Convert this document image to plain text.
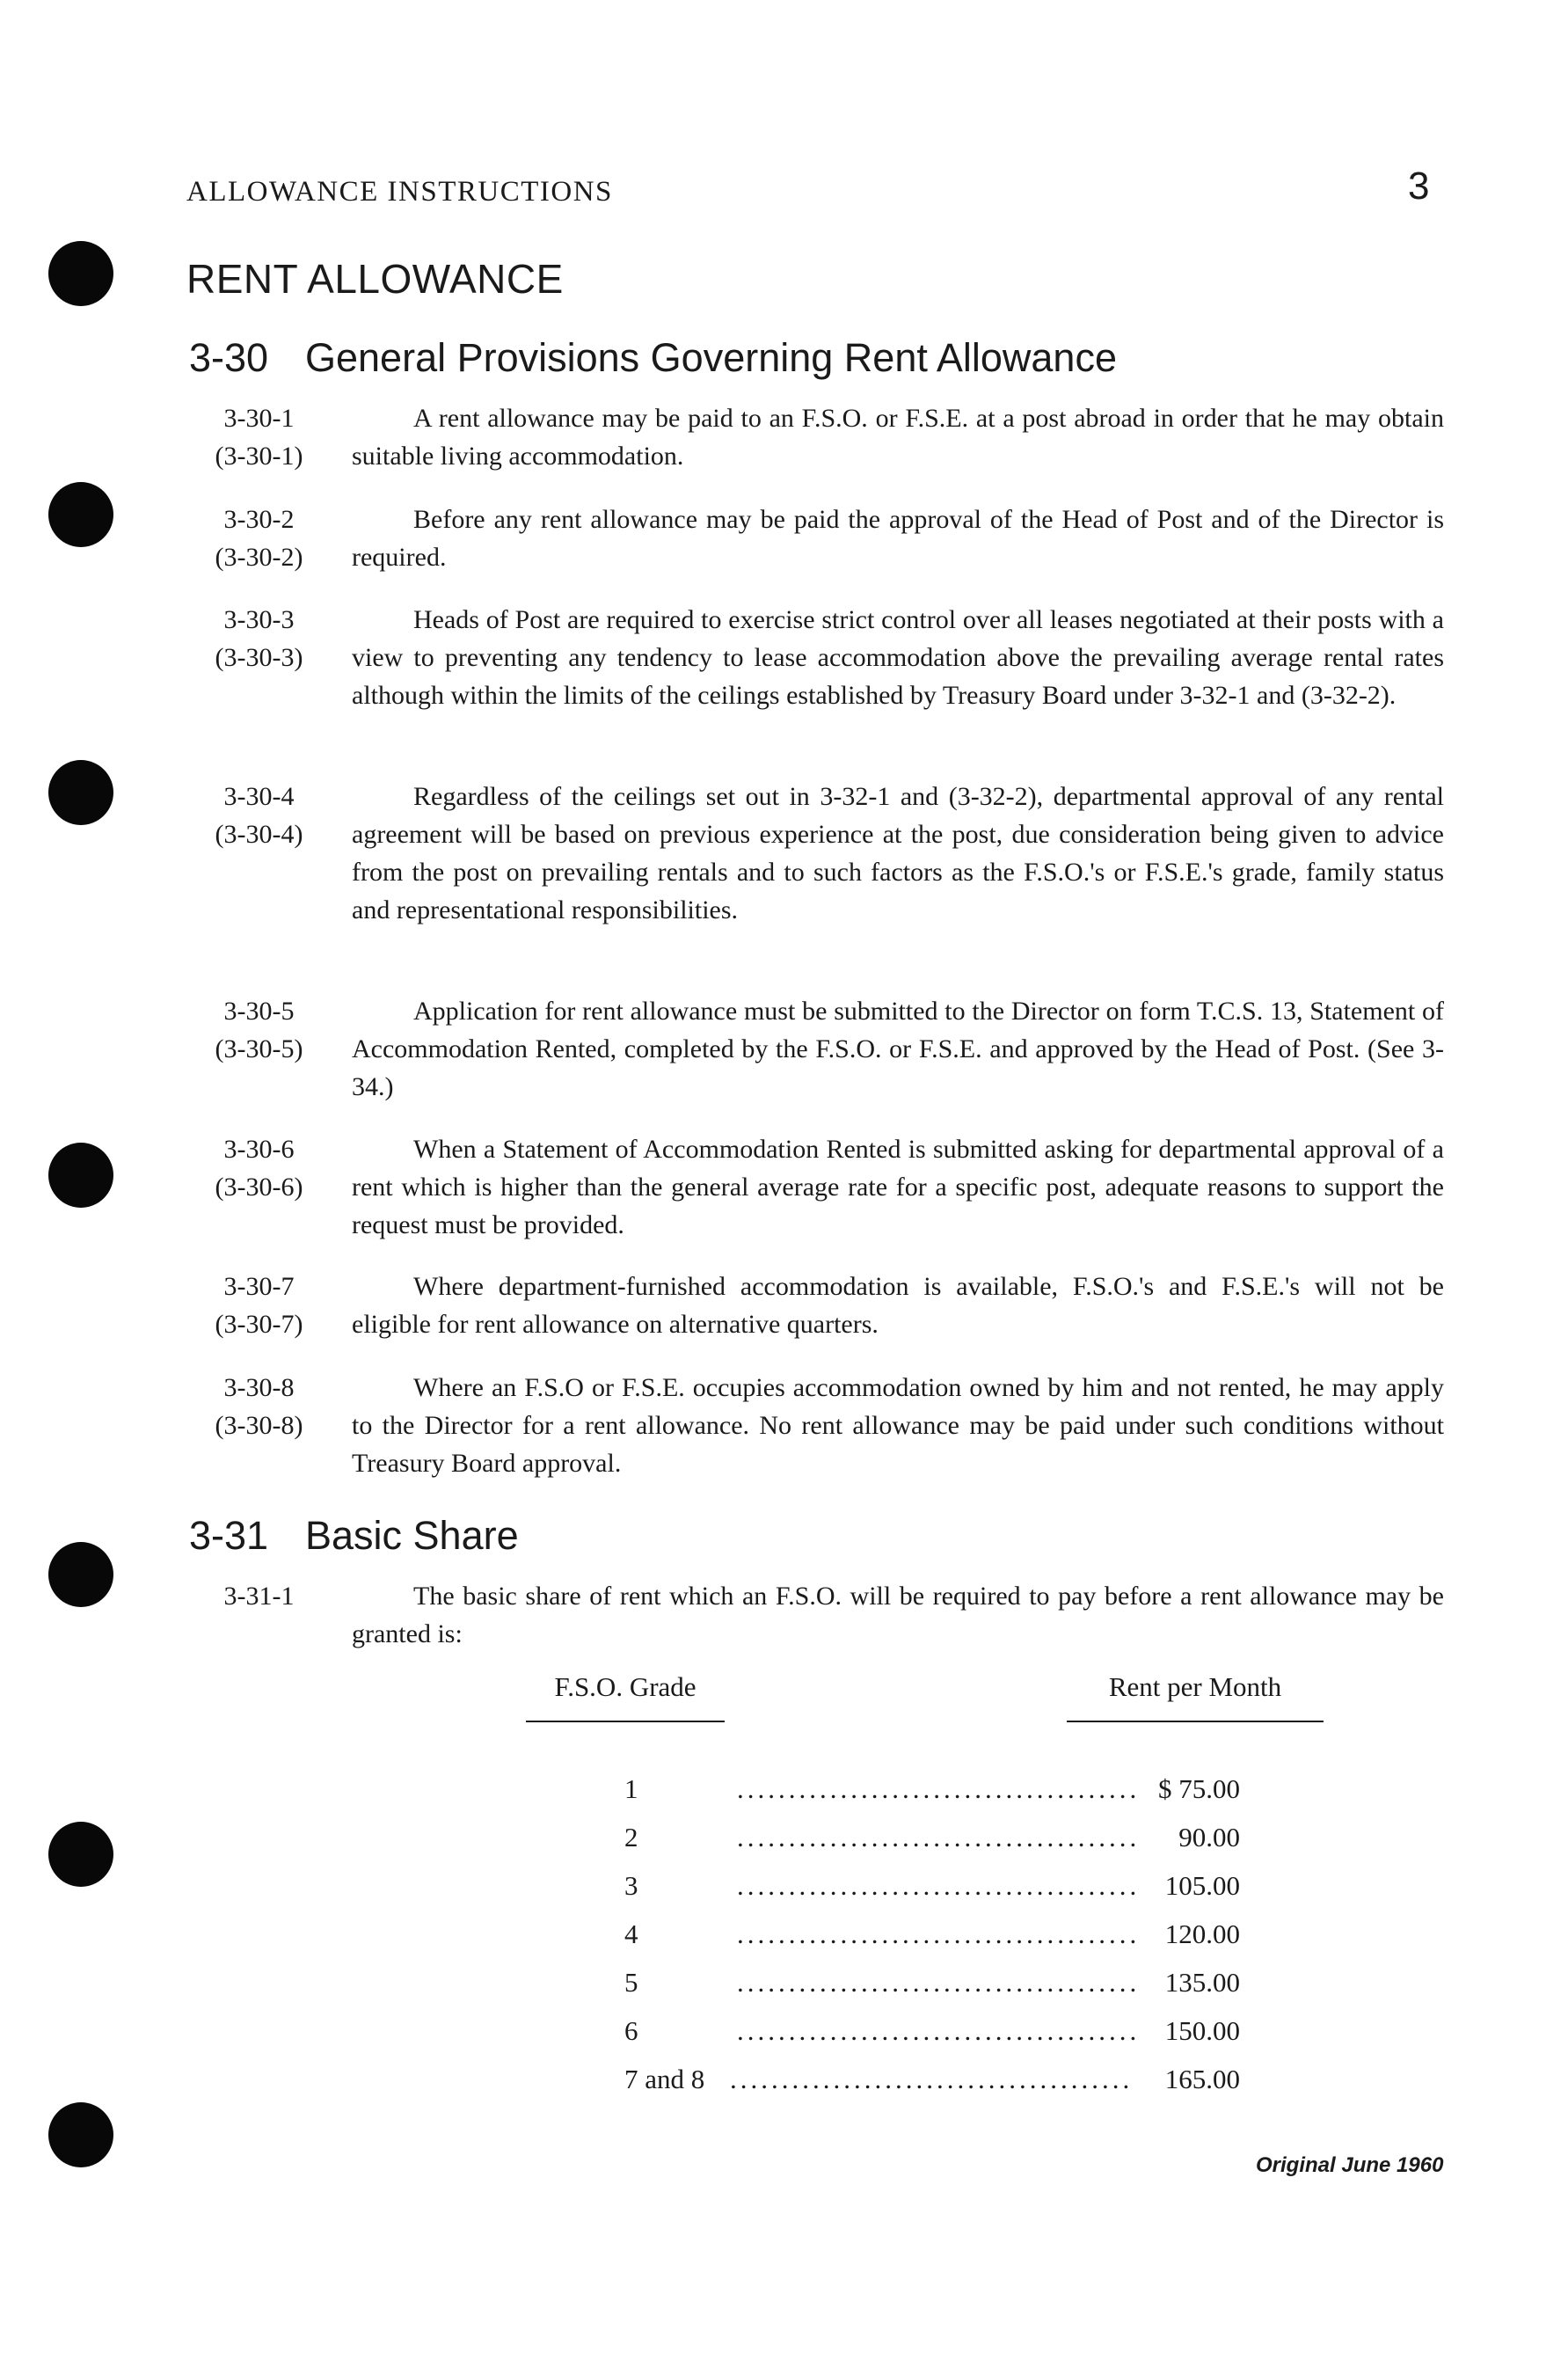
ALLOWANCE INSTRUCTIONS	3
RENT ALLOWANCE
3-30 General Provisions Governing Rent Allowance
3-30-1
(3-30-1)
A rent allowance may be paid to an F.S.O. or F.S.E. at a post abroad in order that he may obtain suitable living accommodation.
3-30-2
(3-30-2)
Before any rent allowance may be paid the approval of the Head of Post and of the Director is required.
3-30-3
(3-30-3)
Heads of Post are required to exercise strict control over all leases negotiated at their posts with a view to preventing any tendency to lease accommodation above the prevailing average rental rates although within the limits of the ceilings established by Treasury Board under 3-32-1 and (3-32-2).
3-30-4
(3-30-4)
Regardless of the ceilings set out in 3-32-1 and (3-32-2), departmental approval of any rental agreement will be based on previous experience at the post, due consideration being given to advice from the post on prevailing rentals and to such factors as the F.S.O.'s or F.S.E.'s grade, family status and representational responsibilities.
3-30-5
(3-30-5)
Application for rent allowance must be submitted to the Director on form T.C.S. 13, Statement of Accommodation Rented, completed by the F.S.O. or F.S.E. and approved by the Head of Post. (See 3-34.)
3-30-6
(3-30-6)
When a Statement of Accommodation Rented is submitted asking for departmental approval of a rent which is higher than the general average rate for a specific post, adequate reasons to support the request must be provided.
3-30-7
(3-30-7)
Where department-furnished accommodation is available, F.S.O.'s and F.S.E.'s will not be eligible for rent allowance on alternative quarters.
3-30-8
(3-30-8)
Where an F.S.O or F.S.E. occupies accommodation owned by him and not rented, he may apply to the Director for a rent allowance. No rent allowance may be paid under such conditions without Treasury Board approval.
3-31 Basic Share
3-31-1	The basic share of rent which an F.S.O. will be required to pay before a rent allowance may be granted is:
F.S.O. Grade	Rent per Month
1	....................................... $ 75.00
2	.......................................	90.00
3	....................................... 105.00
4	....................................... 120.00
5	....................................... 135.00
6	....................................... 150.00
7 and 8 .......................................	165.00
Original June 1960
